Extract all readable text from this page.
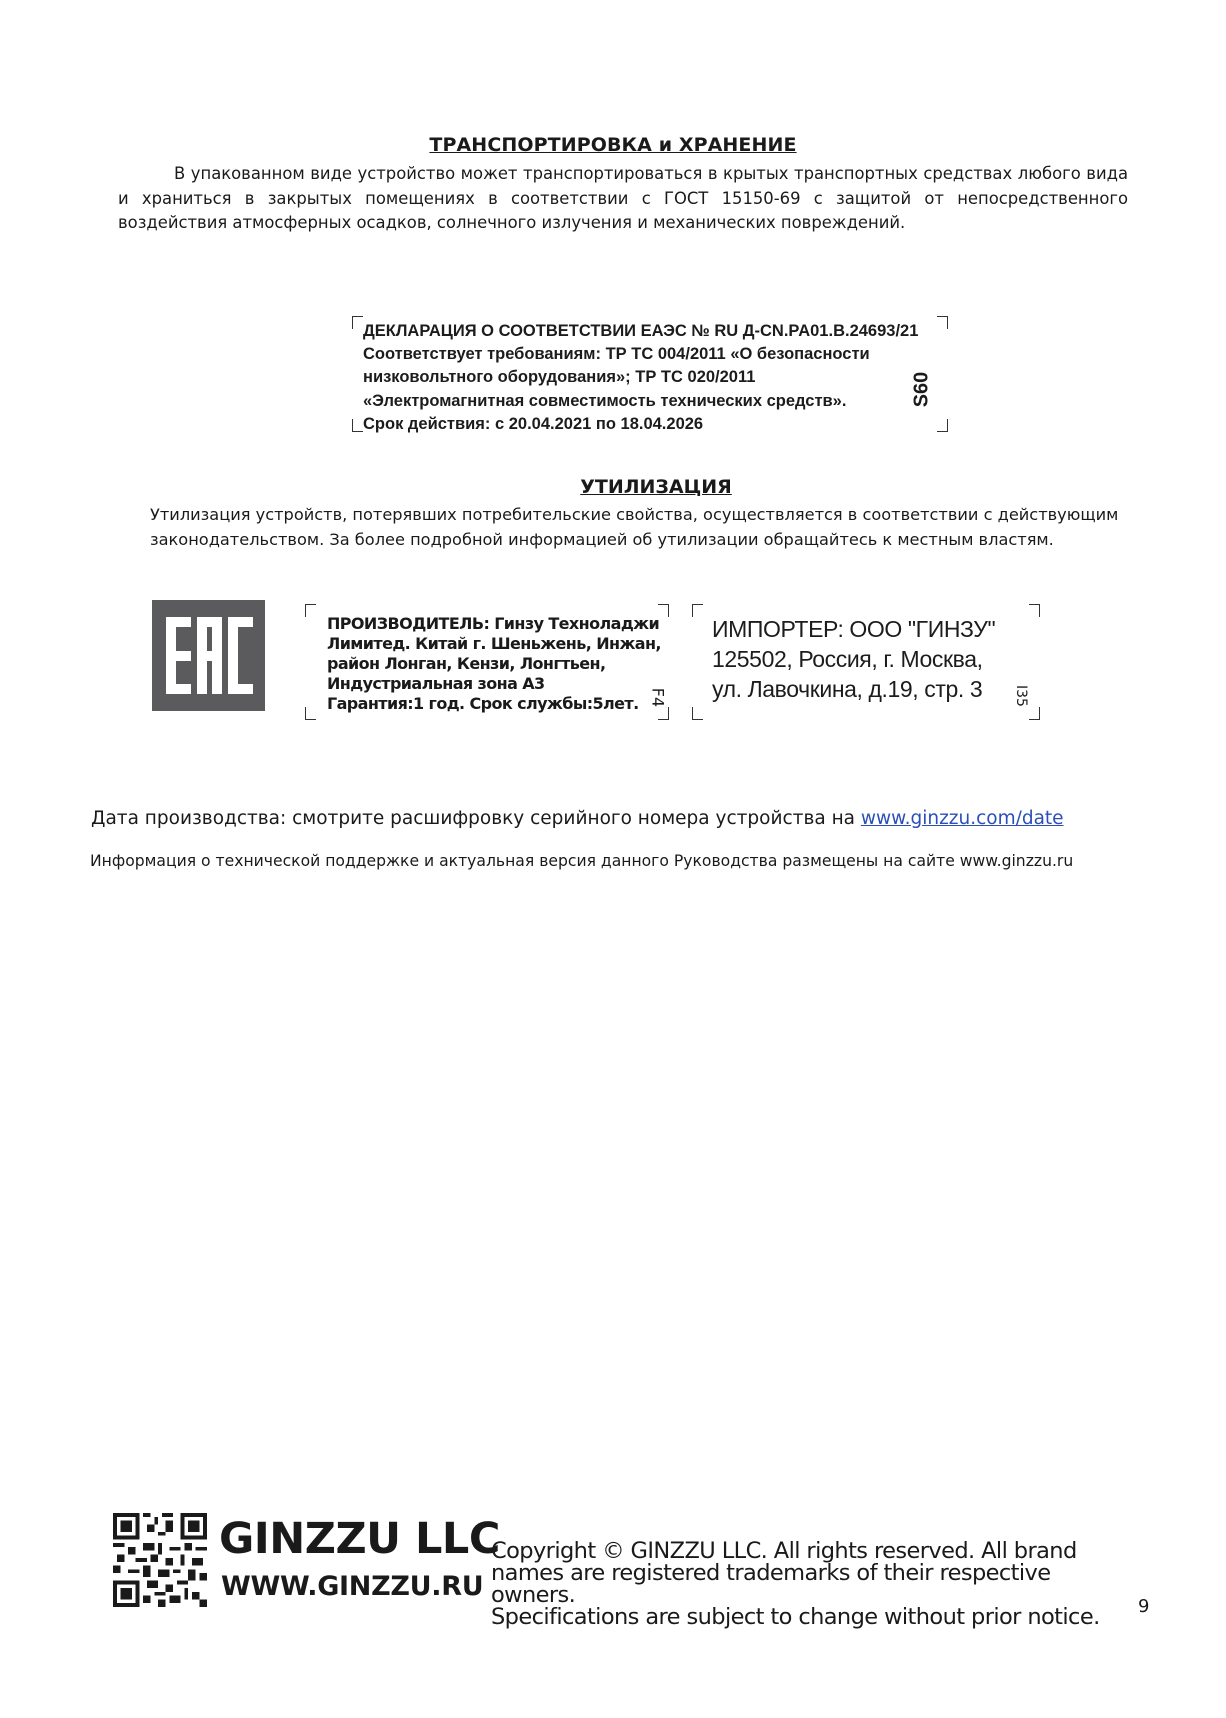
ТРАНСПОРТИРОВКА и ХРАНЕНИЕ
В упакованном виде устройство может транспортироваться в крытых транспортных средствах любого вида и храниться в закрытых помещениях в соответствии с ГОСТ 15150-69 с защитой от непосредственного воздействия атмосферных осадков, солнечного излучения и механических повреждений.
ДЕКЛАРАЦИЯ О СООТВЕТСТВИИ ЕАЭС № RU Д-CN.PA01.B.24693/21
Соответствует требованиям: ТР ТС 004/2011 «О безопасности
низковольтного оборудования»; ТР ТС 020/2011
«Электромагнитная совместимость технических средств».
Срок действия: с 20.04.2021 по 18.04.2026
S60
УТИЛИЗАЦИЯ
Утилизация устройств, потерявших потребительские свойства, осуществляется в соответствии с действующим
законодательством. За более подробной информацией об утилизации обращайтесь к местным властям.
ПРОИЗВОДИТЕЛЬ: Гинзу Техноладжи
Лимитед. Китай г. Шеньжень, Инжан,
район Лонган, Кензи, Лонгтьен,
Индустриальная зона А3
Гарантия:1 год. Срок службы:5лет. F4
ИМПОРТЕР: ООО "ГИНЗУ"
125502, Россия, г. Москва,
ул. Лавочкина, д.19, стр. 3	I35
Дата производства: смотрите расшифровку серийного номера устройства на www.ginzzu.com/date
Информация о технической поддержке и актуальная версия данного Руководства размещены на сайте www.ginzzu.ru
GINZZU LLC
WWW.GINZZU.RU
Copyright © GINZZU LLC. All rights reserved. All brand
names are registered trademarks of their respective owners.
Specifications are subject to change without prior notice.	9
